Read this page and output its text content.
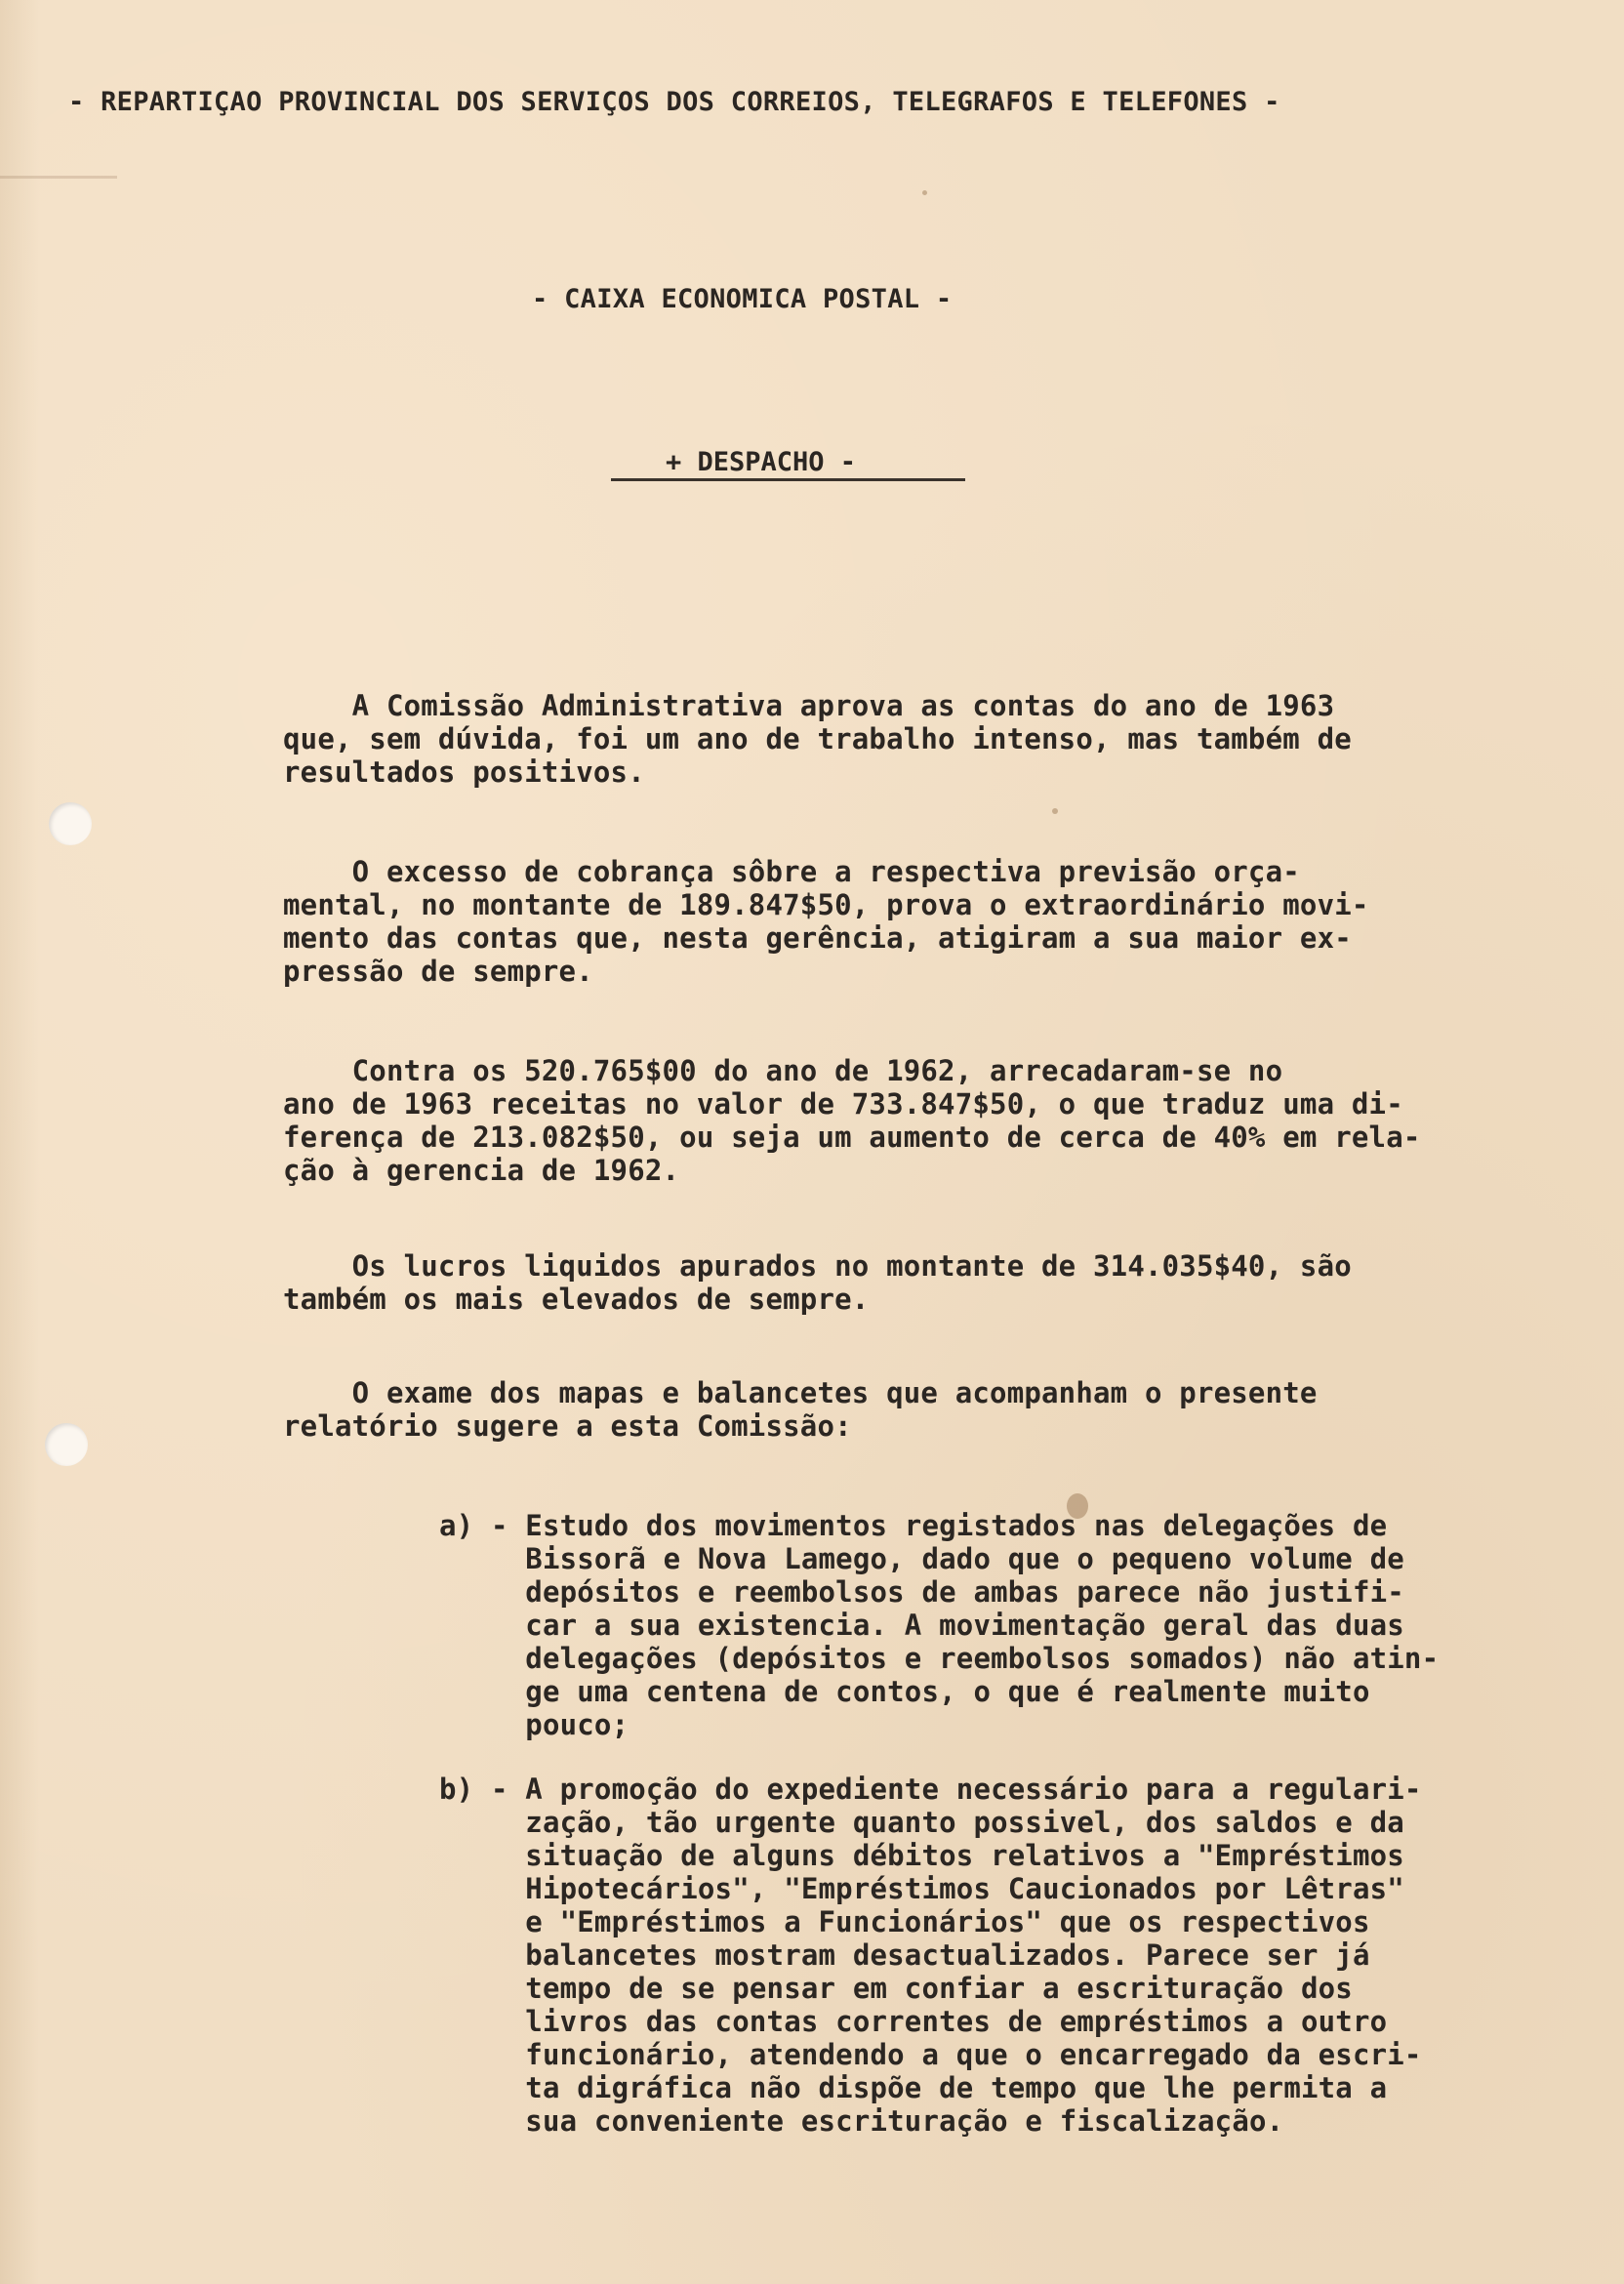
- REPARTIÇAO PROVINCIAL DOS SERVIÇOS DOS CORREIOS, TELEGRAFOS E TELEFONES -
- CAIXA ECONOMICA POSTAL -
+ DESPACHO -
A Comissão Administrativa aprova as contas do ano de 1963
que, sem dúvida, foi um ano de trabalho intenso, mas também de
resultados positivos.
O excesso de cobrança sôbre a respectiva previsão orça-
mental, no montante de 189.847$50, prova o extraordinário movi-
mento das contas que, nesta gerência, atigiram a sua maior ex-
pressão de sempre.
Contra os 520.765$00 do ano de 1962, arrecadaram-se no
ano de 1963 receitas no valor de 733.847$50, o que traduz uma di-
ferença de 213.082$50, ou seja um aumento de cerca de 40% em rela-
ção à gerencia de 1962.
Os lucros liquidos apurados no montante de 314.035$40, são
também os mais elevados de sempre.
O exame dos mapas e balancetes que acompanham o presente
relatório sugere a esta Comissão:
a) - Estudo dos movimentos registados nas delegações de
Bissorã e Nova Lamego, dado que o pequeno volume de
depósitos e reembolsos de ambas parece não justifi-
car a sua existencia. A movimentação geral das duas
delegações (depósitos e reembolsos somados) não atin-
ge uma centena de contos, o que é realmente muito
pouco;
b) - A promoção do expediente necessário para a regulari-
zação, tão urgente quanto possivel, dos saldos e da
situação de alguns débitos relativos a "Empréstimos
Hipotecários", "Empréstimos Caucionados por Lêtras"
e "Empréstimos a Funcionários" que os respectivos
balancetes mostram desactualizados. Parece ser já
tempo de se pensar em confiar a escrituração dos
livros das contas correntes de empréstimos a outro
funcionário, atendendo a que o encarregado da escri-
ta digráfica não dispõe de tempo que lhe permita a
sua conveniente escrituração e fiscalização.
